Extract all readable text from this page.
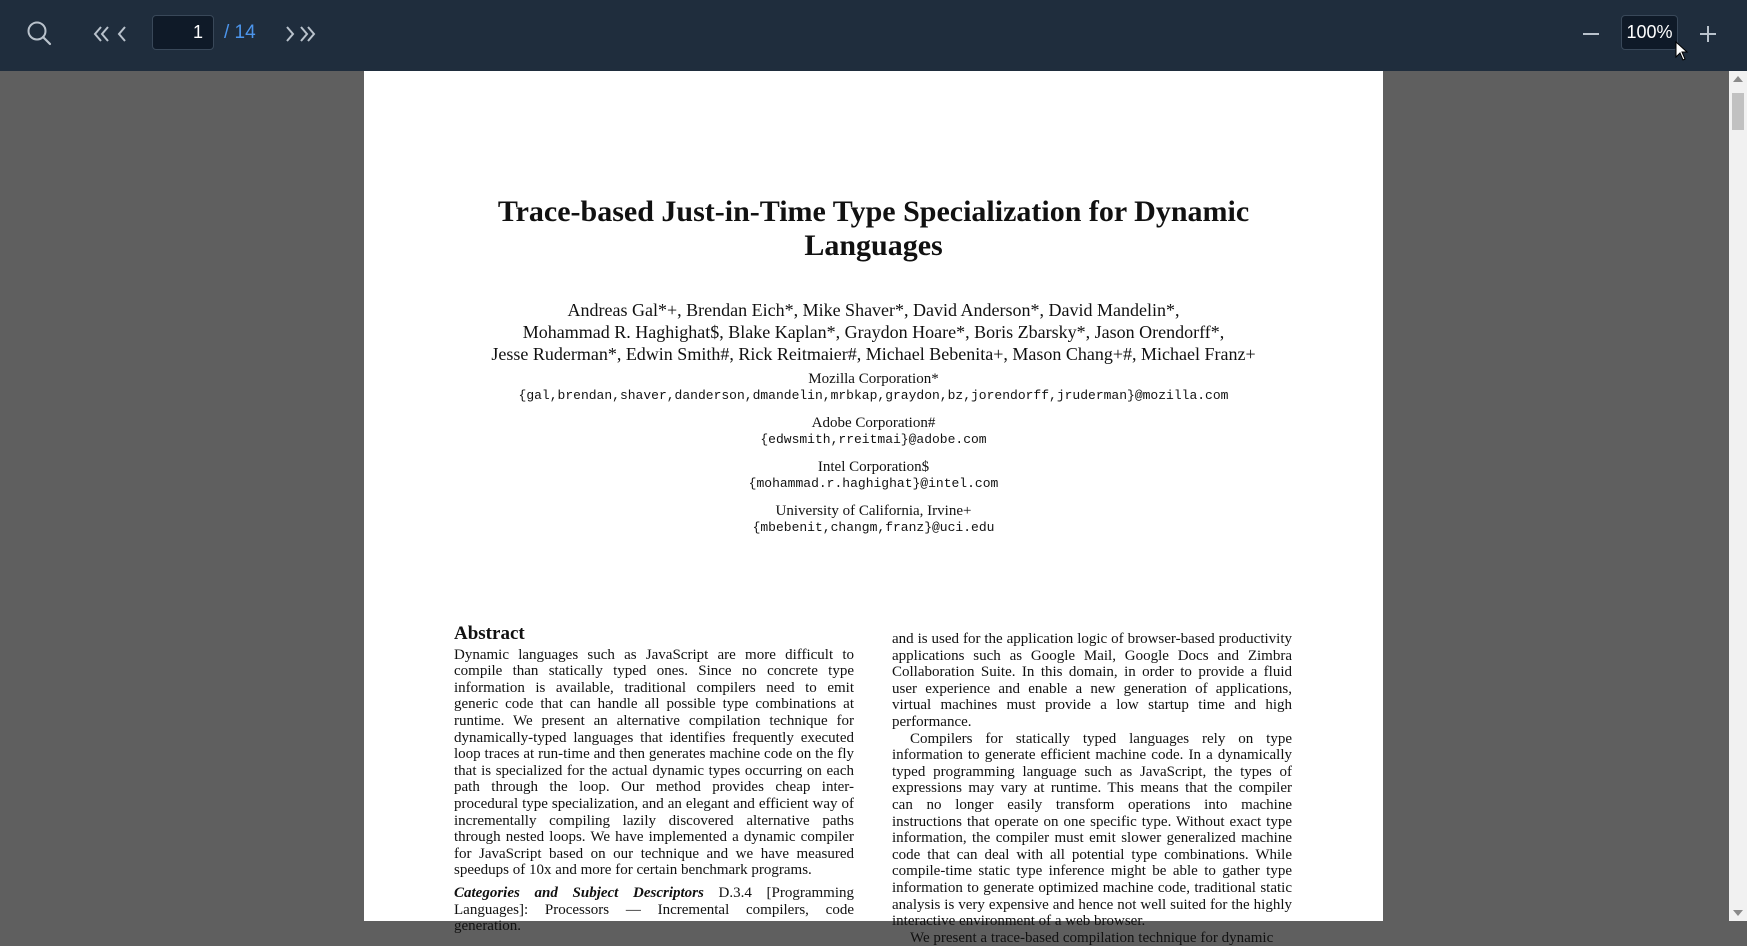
1
/ 14	100%
Trace-based Just-in-Time Type Specialization for Dynamic
Languages
Andreas Gal*+, Brendan Eich*, Mike Shaver*, David Anderson*, David Mandelin*,
Mohammad R. Haghighat$, Blake Kaplan*, Graydon Hoare*, Boris Zbarsky*, Jason Orendorff*,
Jesse Ruderman*, Edwin Smith#, Rick Reitmaier#, Michael Bebenita+, Mason Chang+#, Michael Franz+
Mozilla Corporation*
{gal,brendan,shaver,danderson,dmandelin,mrbkap,graydon,bz,jorendorff,jruderman}@mozilla.com
Adobe Corporation#
{edwsmith,rreitmai}@adobe.com
Intel Corporation$
{mohammad.r.haghighat}@intel.com
University of California, Irvine+
{mbebenit,changm,franz}@uci.edu
Abstract

Dynamic languages such as JavaScript are more difficult to compile than statically typed ones. Since no concrete type information is available, traditional compilers need to emit generic code that can handle all possible type combinations at runtime. We present an alternative compilation technique for dynamically-typed languages that identifies frequently executed loop traces at run-time and then generates machine code on the fly that is specialized for the actual dynamic types occurring on each path through the loop. Our method provides cheap inter-procedural type specialization, and an elegant and efficient way of incrementally compiling lazily discovered alternative paths through nested loops. We have implemented a dynamic compiler for JavaScript based on our technique and we have measured speedups of 10x and more for certain benchmark programs.

Categories and Subject Descriptors D.3.4 [Programming Languages]: Processors — Incremental compilers, code generation.

and is used for the application logic of browser-based productivity applications such as Google Mail, Google Docs and Zimbra Collaboration Suite. In this domain, in order to provide a fluid user experience and enable a new generation of applications, virtual machines must provide a low startup time and high performance.

Compilers for statically typed languages rely on type information to generate efficient machine code. In a dynamically typed programming language such as JavaScript, the types of expressions may vary at runtime. This means that the compiler can no longer easily transform operations into machine instructions that operate on one specific type. Without exact type information, the compiler must emit slower generalized machine code that can deal with all potential type combinations. While compile-time static type inference might be able to gather type information to generate optimized machine code, traditional static analysis is very expensive and hence not well suited for the highly interactive environment of a web browser.

We present a trace-based compilation technique for dynamic
